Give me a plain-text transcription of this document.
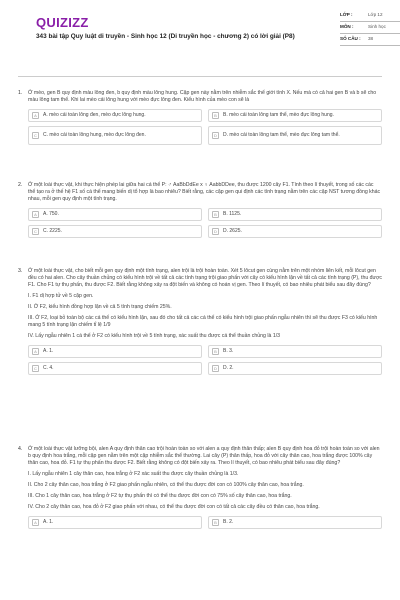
QUIZIZZ
343 bài tập Quy luật di truyền - Sinh học 12 (Di truyền học - chương 2) có lời giải (P8)
LỚP :	Lớp 12
MÔN :	Sinh học
SỐ CÂU :	38
1. Ở mèo, gen B quy định màu lông đen, b quy định màu lông hung. Cặp gen này nằm trên nhiễm sắc thể giới tính X. Nếu mà có cả hai gen B và b sẽ cho màu lông tam thể. Khi lai mèo cái lông hung với mèo đực lông đen. Kiểu hình của mèo con sẽ là
A	A. mèo cái toàn lông đen, mèo đực lông hung.	B	B. mèo cái toàn lông tam thể, mèo đực lông hung.
C	C. mèo cái toàn lông hung, mèo đực lông đen.	D	D. mèo cái toàn lông tam thể, mèo đực lông tam thể.
2. Ở một loài thực vật, khi thực hiện phép lai giữa hai cá thể P: ♂ AaBbDdEe x ♀ AabbDDee, thu được 1200 cây F1. Tính theo lí thuyết, trong số các các thể tạo ra ở thế hệ F1 số cá thể mang biến dị tổ hợp là bao nhiêu? Biết rằng, các cặp gen qui định các tính trạng nằm trên các cặp NST tương đồng khác nhau, mỗi gen quy định một tính trạng.
A	A. 750.	B	B. 1125.
C	C. 2225.	D	D. 2625.
3. Ở một loài thực vật, cho biết mỗi gen quy định một tính trạng, alen trội là trội hoàn toàn. Xét 5 lôcut gen cùng nằm trên một nhóm liên kết, mỗi lôcut gen đều có hai alen. Cho cây thuần chủng có kiểu hình trội về tất cả các tính trạng trội giao phấn với cây có kiểu hình lặn về tất cả các tính trạng (P), thu được F1. Cho F1 tự thụ phấn, thu được F2. Biết rằng không xảy ra đột biến và không có hoán vị gen. Theo lí thuyết, có bao nhiêu phát biểu sau đây đúng?
I. F1 dị hợp tử về 5 cặp gen.
II. Ở F2, kiểu hình đồng hợp lặn về cả 5 tính trạng chiếm 25%.
III. Ở F2, loại bỏ toàn bộ các cá thể có kiểu hình lặn, sau đó cho tất cả các cá thể có kiểu hình trội giao phấn ngẫu nhiên thì sẽ thu được F3 có kiểu hình mang 5 tính trạng lặn chiếm tỉ lệ 1/9
IV. Lấy ngẫu nhiên 1 cá thể ở F2 có kiểu hình trội về 5 tính trạng, xác suất thu được cá thể thuần chủng là 1/3
A	A. 1.	B	B. 3.
C	C. 4.	D	D. 2.
4. Ở một loài thực vật lưỡng bội, alen A quy định thân cao trội hoàn toàn so với alen a quy định thân thấp; alen B quy định hoa đỏ trội hoàn toàn so với alen b quy định hoa trắng, mỗi cặp gen nằm trên một cặp nhiễm sắc thể thường. Lai cây (P) thân thấp, hoa đỏ với cây thân cao, hoa trắng được 100% cây thân cao, hoa đỏ. F1 tự thụ phấn thu được F2. Biết rằng không có đột biến xảy ra. Theo lí thuyết, có bao nhiêu phát biểu sau đây đúng?
I. Lấy ngẫu nhiên 1 cây thân cao, hoa trắng ở F2 xác suất thu được cây thuần chủng là 1/3.
II. Cho 2 cây thân cao, hoa trắng ở F2 giao phấn ngẫu nhiên, có thể thu được đời con có 100% cây thân cao, hoa trắng.
III. Cho 1 cây thân cao, hoa trắng ở F2 tự thụ phấn thì có thể thu được đời con có 75% số cây thân cao, hoa trắng.
IV. Cho 2 cây thân cao, hoa đỏ ở F2 giao phấn với nhau, có thể thu được đời con có tất cả các cây đều có thân cao, hoa trắng.
A	A. 1.	B	B. 2.
